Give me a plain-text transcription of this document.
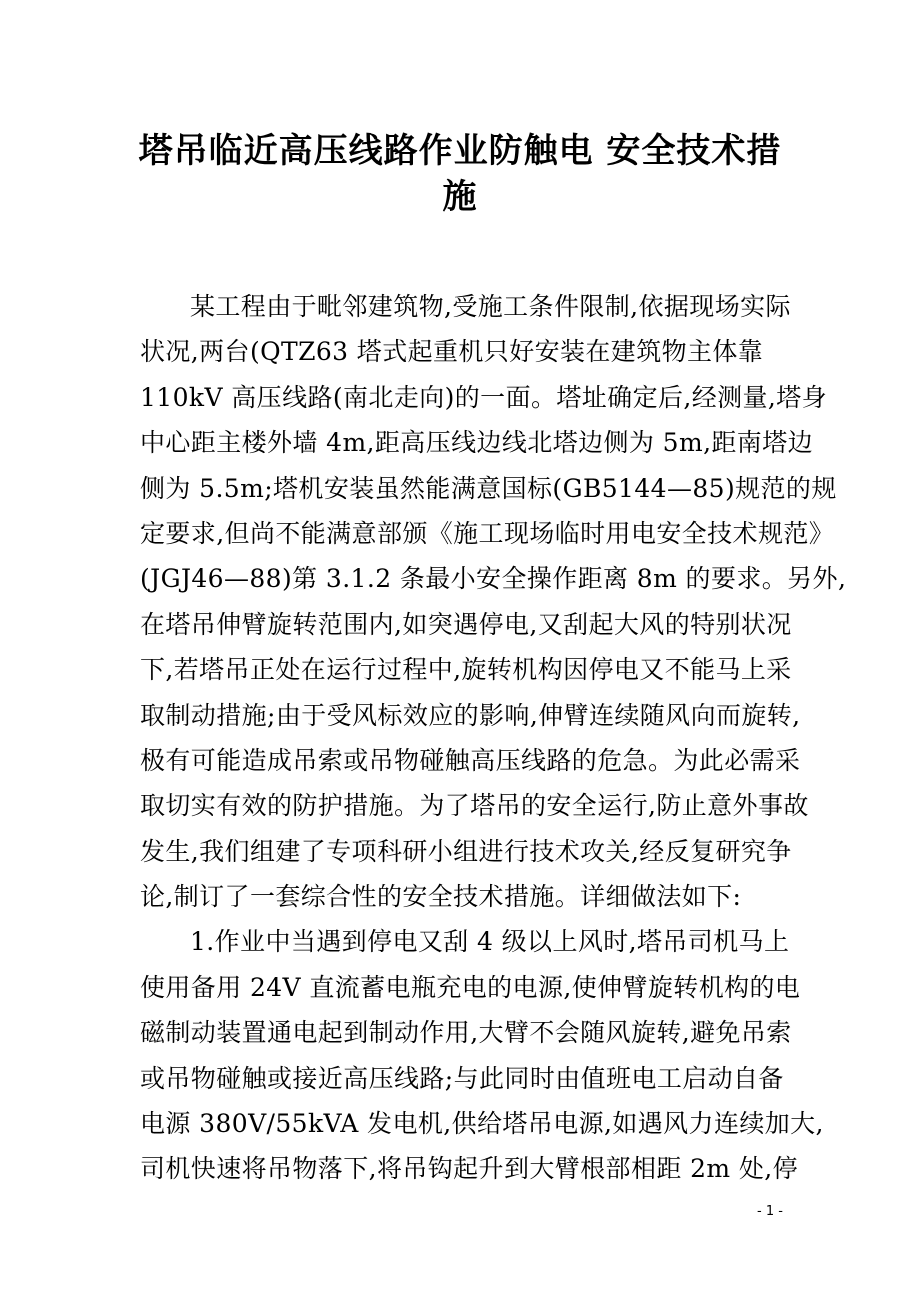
塔吊临近高压线路作业防触电 安全技术措
施
某工程由于毗邻建筑物,受施工条件限制,依据现场实际
状况,两台(QTZ63 塔式起重机只好安装在建筑物主体靠
110kV 高压线路(南北走向)的一面。塔址确定后,经测量,塔身
中心距主楼外墙 4m,距高压线边线北塔边侧为 5m,距南塔边
侧为 5.5m;塔机安装虽然能满意国标(GB5144—85)规范的规
定要求,但尚不能满意部颁《施工现场临时用电安全技术规范》
(JGJ46—88)第 3.1.2 条最小安全操作距离 8m 的要求。另外,
在塔吊伸臂旋转范围内,如突遇停电,又刮起大风的特别状况
下,若塔吊正处在运行过程中,旋转机构因停电又不能马上采
取制动措施;由于受风标效应的影响,伸臂连续随风向而旋转,
极有可能造成吊索或吊物碰触高压线路的危急。为此必需采
取切实有效的防护措施。为了塔吊的安全运行,防止意外事故
发生,我们组建了专项科研小组进行技术攻关,经反复研究争
论,制订了一套综合性的安全技术措施。详细做法如下:
1.作业中当遇到停电又刮 4 级以上风时,塔吊司机马上
使用备用 24V 直流蓄电瓶充电的电源,使伸臂旋转机构的电
磁制动装置通电起到制动作用,大臂不会随风旋转,避免吊索
或吊物碰触或接近高压线路;与此同时由值班电工启动自备
电源 380V/55kVA 发电机,供给塔吊电源,如遇风力连续加大,
司机快速将吊物落下,将吊钩起升到大臂根部相距 2m 处,停
- 1 -
